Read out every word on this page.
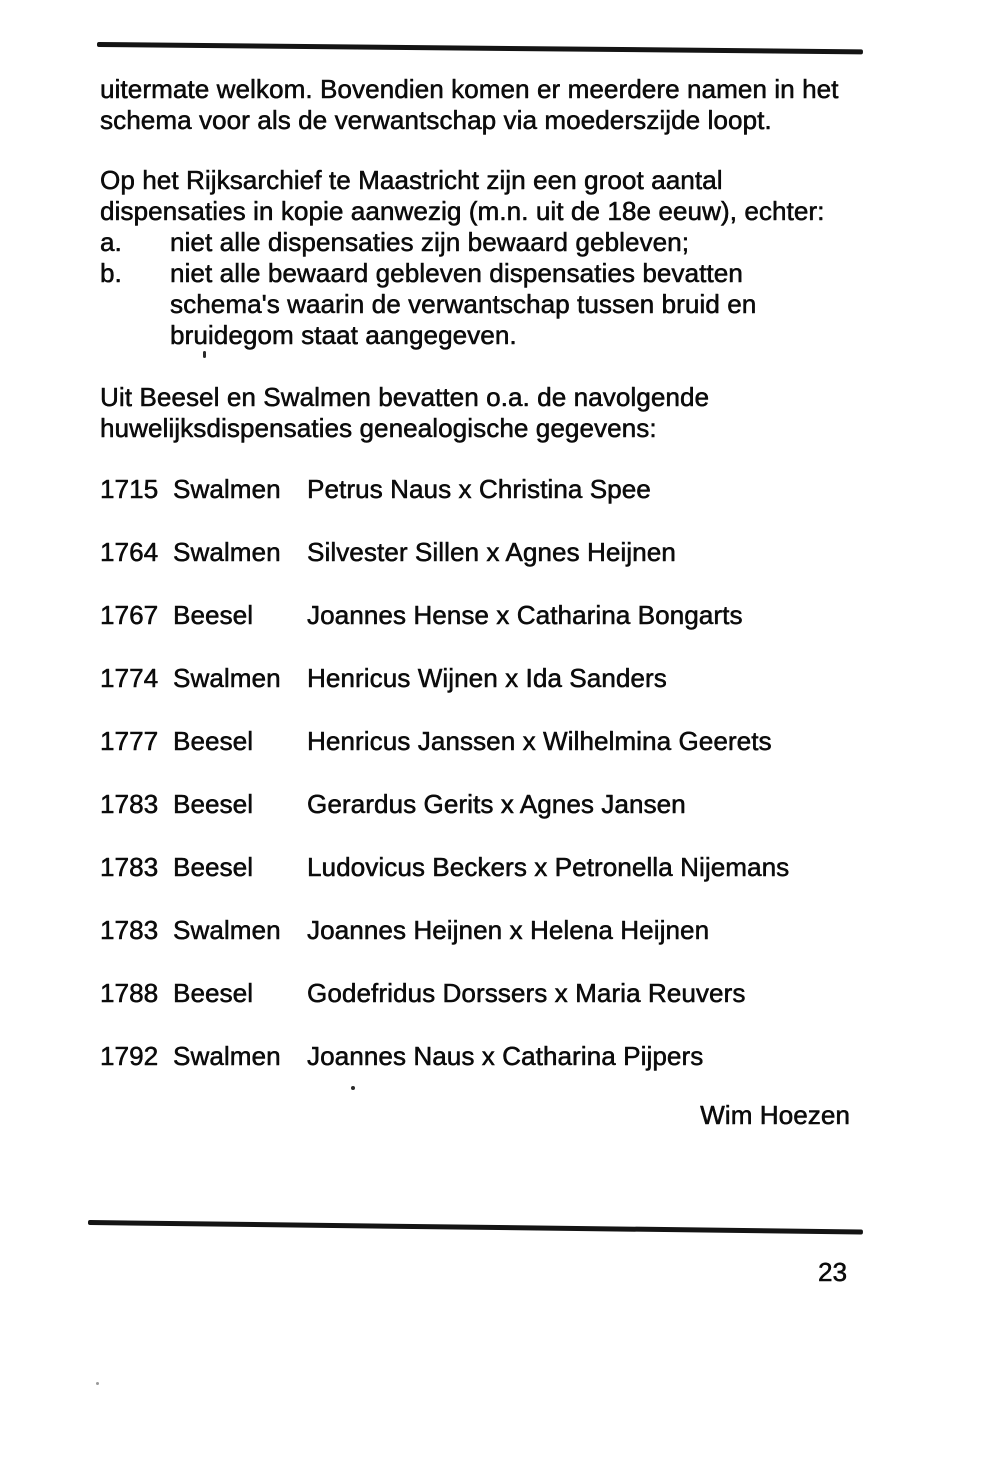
uitermate welkom. Bovendien komen er meerdere namen in het
schema voor als de verwantschap via moederszijde loopt.
Op het Rijksarchief te Maastricht zijn een groot aantal
dispensaties in kopie aanwezig (m.n. uit de 18e eeuw), echter:
a. niet alle dispensaties zijn bewaard gebleven;
b. niet alle bewaard gebleven dispensaties bevatten
schema's waarin de verwantschap tussen bruid en
bruidegom staat aangegeven.
Uit Beesel en Swalmen bevatten o.a. de navolgende
huwelijksdispensaties genealogische gegevens:
1715 Swalmen Petrus Naus x Christina Spee
1764 Swalmen Silvester Sillen x Agnes Heijnen
1767 Beesel Joannes Hense x Catharina Bongarts
1774 Swalmen Henricus Wijnen x Ida Sanders
1777 Beesel Henricus Janssen x Wilhelmina Geerets
1783 Beesel Gerardus Gerits x Agnes Jansen
1783 Beesel Ludovicus Beckers x Petronella Nijemans
1783 Swalmen Joannes Heijnen x Helena Heijnen
1788 Beesel Godefridus Dorssers x Maria Reuvers
1792 Swalmen Joannes Naus x Catharina Pijpers
Wim Hoezen
23
